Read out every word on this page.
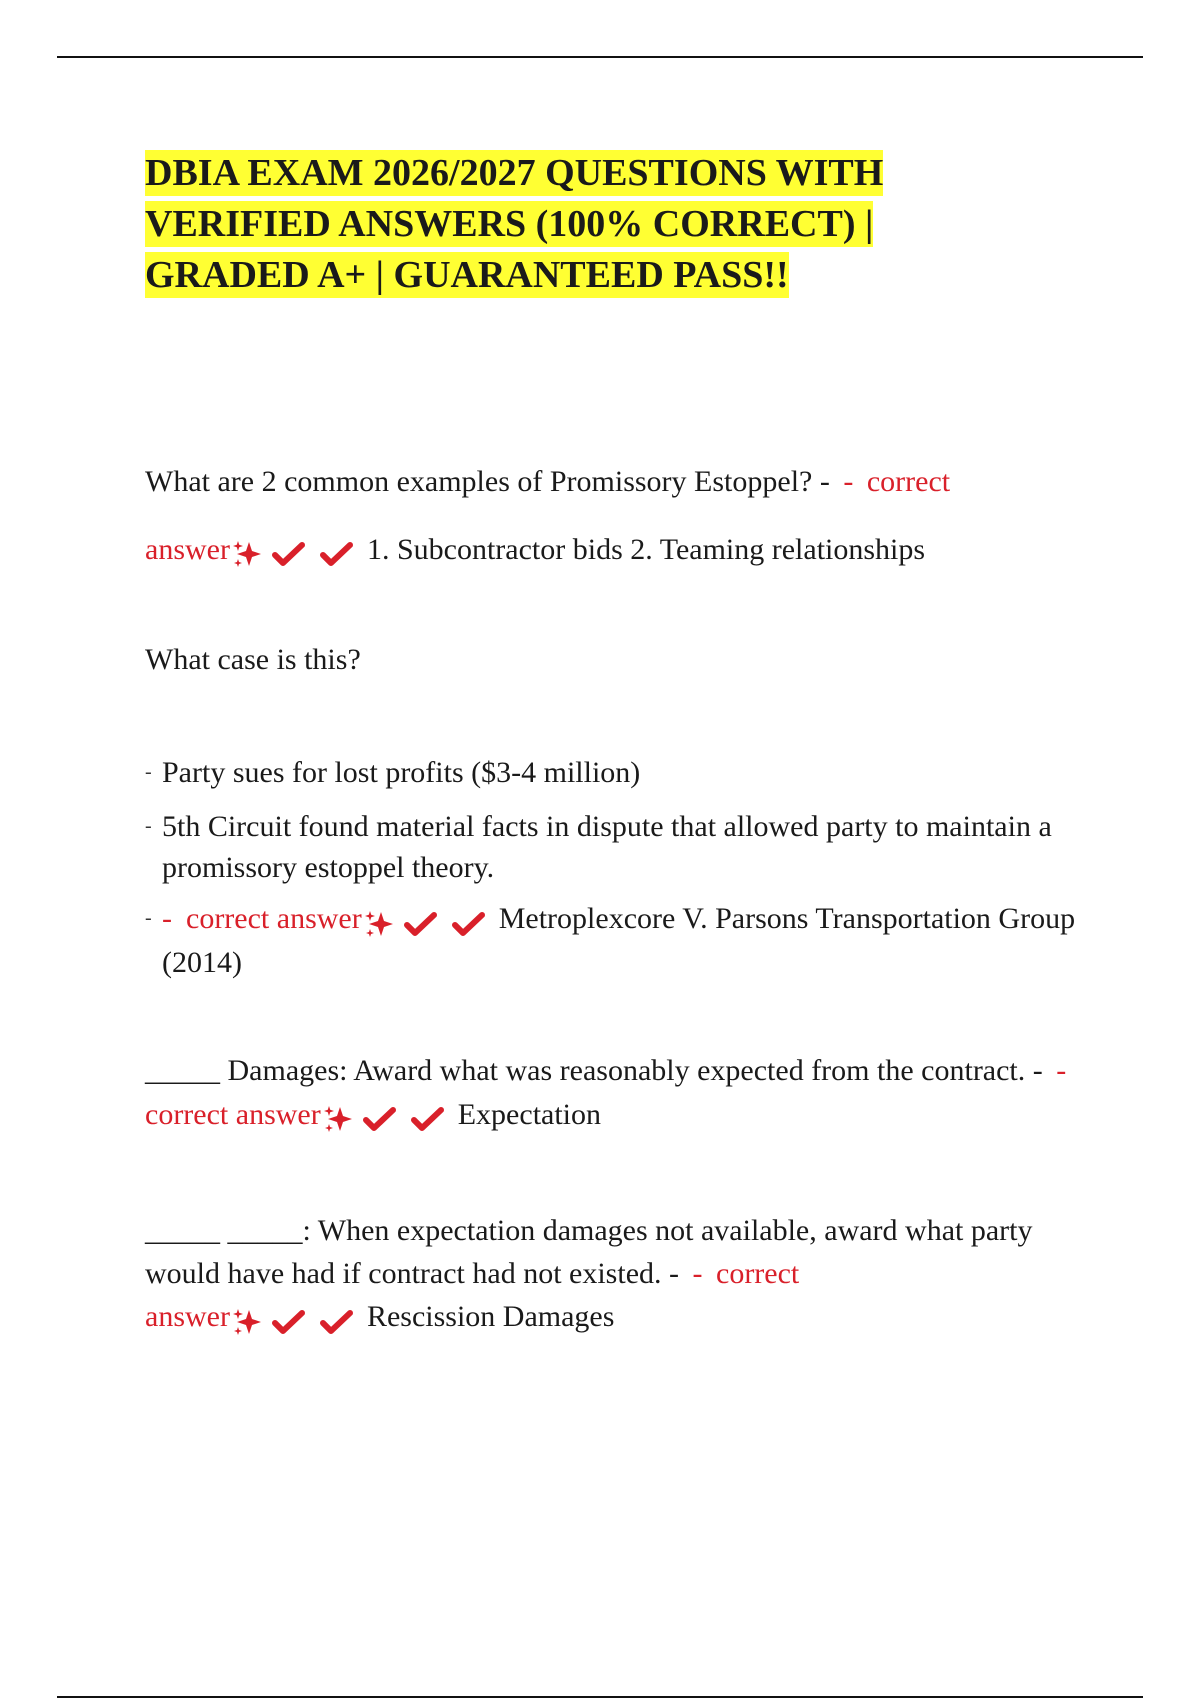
DBIA EXAM 2026/2027 QUESTIONS WITH
VERIFIED ANSWERS (100% CORRECT) |
GRADED A+ | GUARANTEED PASS!!
What are 2 common examples of Promissory Estoppel? - - correct
answer	1. Subcontractor bids 2. Teaming relationships
What case is this?
- Party sues for lost profits ($3-4 million)
- 5th Circuit found material facts in dispute that allowed party to maintain a promissory estoppel theory.
- - correct answer	Metroplexcore V. Parsons Transportation Group (2014)
_____ Damages: Award what was reasonably expected from the contract. - - correct answer	Expectation
_____ _____: When expectation damages not available, award what party would have had if contract had not existed. - - correct
answer	Rescission Damages
